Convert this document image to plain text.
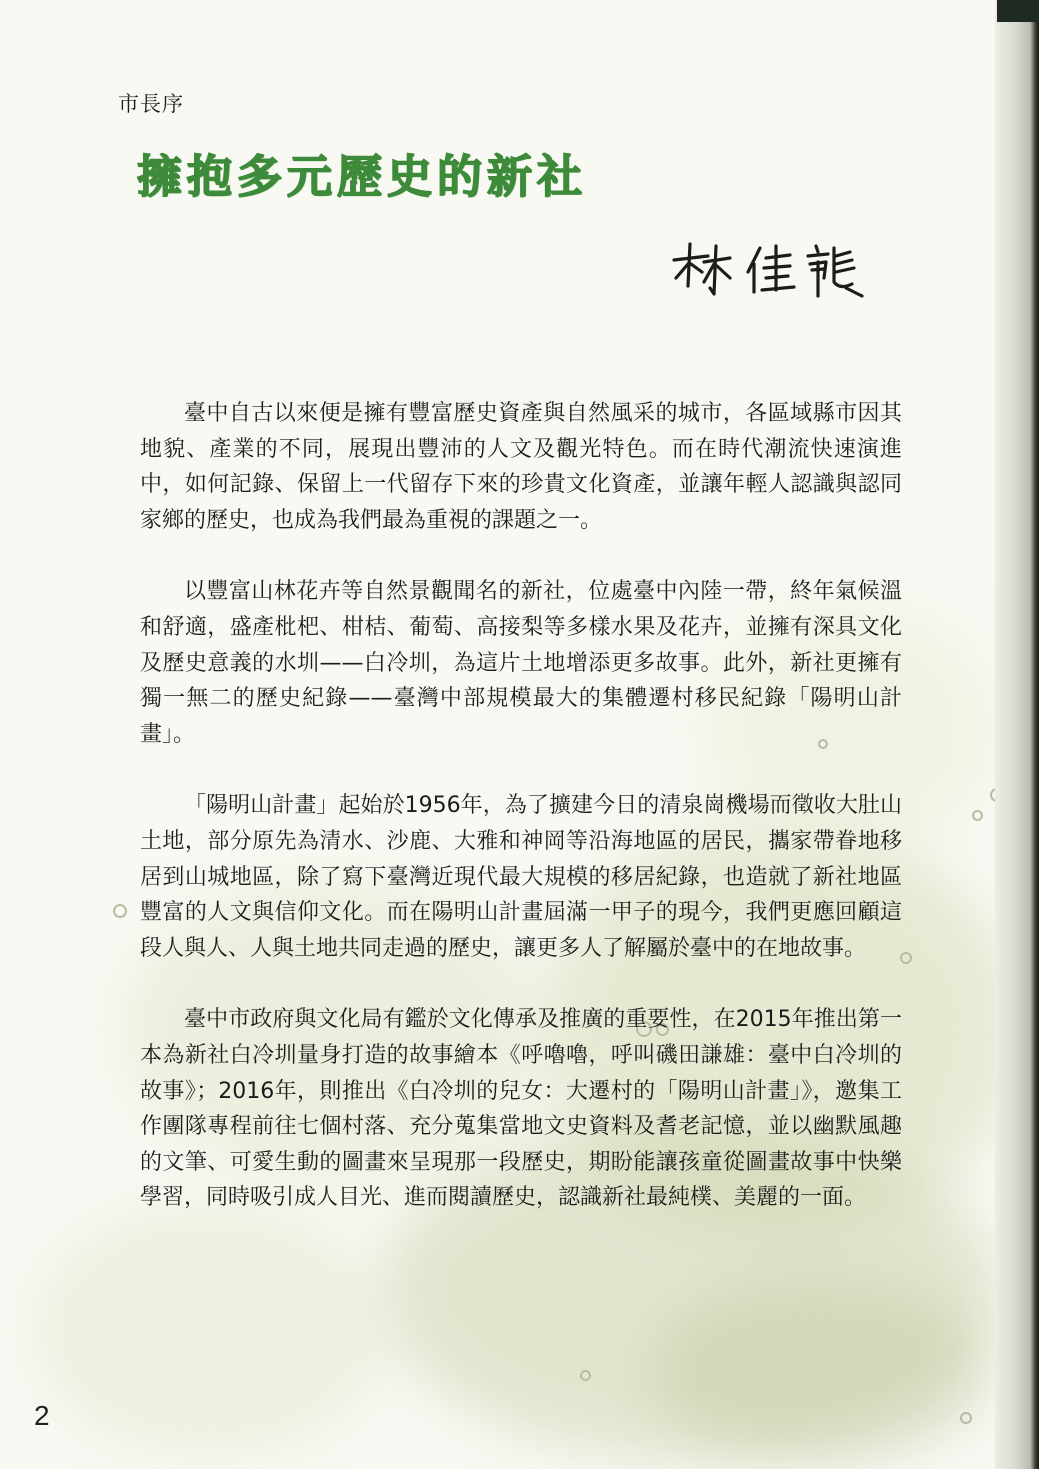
市長序
擁抱多元歷史的新社

臺中自古以來便是擁有豐富歷史資產與自然風采的城市，各區域縣市因其地貌、產業的不同，展現出豐沛的人文及觀光特色。而在時代潮流快速演進中，如何記錄、保留上一代留存下來的珍貴文化資產，並讓年輕人認識與認同家鄉的歷史，也成為我們最為重視的課題之一。

以豐富山林花卉等自然景觀聞名的新社，位處臺中內陸一帶，終年氣候溫和舒適，盛產枇杷、柑桔、葡萄、高接梨等多樣水果及花卉，並擁有深具文化及歷史意義的水圳——白冷圳，為這片土地增添更多故事。此外，新社更擁有獨一無二的歷史紀錄——臺灣中部規模最大的集體遷村移民紀錄「陽明山計畫」。

「陽明山計畫」起始於1956年，為了擴建今日的清泉崗機場而徵收大肚山土地，部分原先為清水、沙鹿、大雅和神岡等沿海地區的居民，攜家帶眷地移居到山城地區，除了寫下臺灣近現代最大規模的移居紀錄，也造就了新社地區豐富的人文與信仰文化。而在陽明山計畫屆滿一甲子的現今，我們更應回顧這段人與人、人與土地共同走過的歷史，讓更多人了解屬於臺中的在地故事。

臺中市政府與文化局有鑑於文化傳承及推廣的重要性，在2015年推出第一本為新社白冷圳量身打造的故事繪本《呼嚕嚕，呼叫磯田謙雄：臺中白冷圳的故事》；2016年，則推出《白冷圳的兒女：大遷村的「陽明山計畫」》，邀集工作團隊專程前往七個村落、充分蒐集當地文史資料及耆老記憶，並以幽默風趣的文筆、可愛生動的圖畫來呈現那一段歷史，期盼能讓孩童從圖畫故事中快樂學習，同時吸引成人目光、進而閱讀歷史，認識新社最純樸、美麗的一面。

2
